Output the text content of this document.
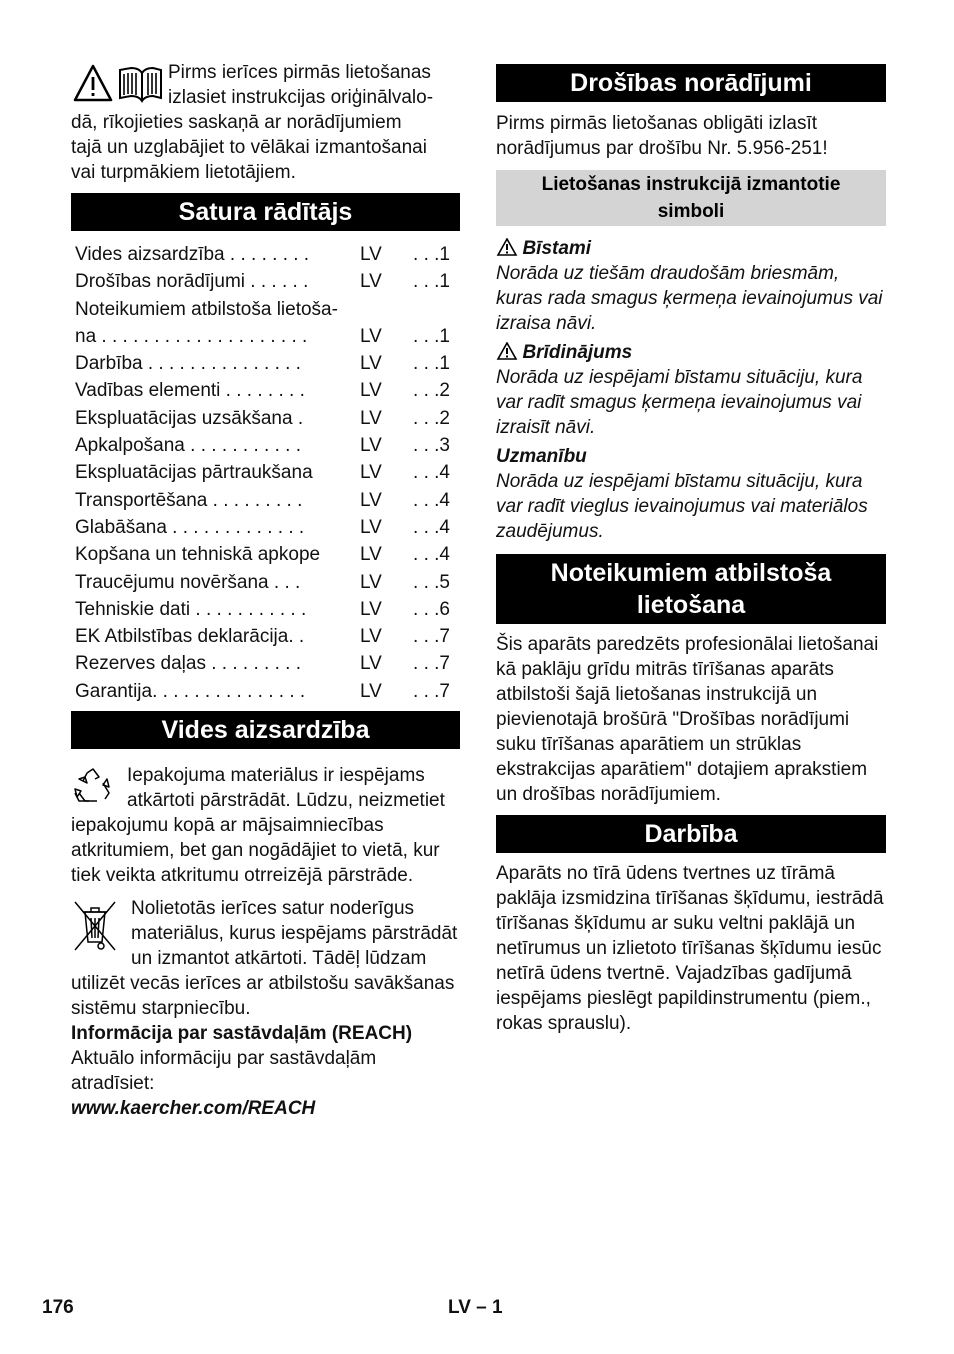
Pirms ierīces pirmās lietošanas

izlasiet instrukcijas oriģinālvalo-

dā, rīkojieties saskaņā ar norādījumiem

tajā un uzglabājiet to vēlākai izmantošanai

vai turpmākiem lietotājiem.

Satura rādītājs
Vides aizsardzība . . . . . . . .	LV	. . .1
Drošības norādījumi . . . . . .	LV	. . .1
Noteikumiem atbilstoša lietoša-		
na . . . . . . . . . . . . . . . . . . . .	LV	. . .1
Darbība . . . . . . . . . . . . . . .	LV	. . .1
Vadības elementi . . . . . . . .	LV	. . .2
Ekspluatācijas uzsākšana .	LV	. . .2
Apkalpošana . . . . . . . . . . .	LV	. . .3
Ekspluatācijas pārtraukšana	LV	. . .4
Transportēšana . . . . . . . . .	LV	. . .4
Glabāšana . . . . . . . . . . . . .	LV	. . .4
Kopšana un tehniskā apkope	LV	. . .4
Traucējumu novēršana . . .	LV	. . .5
Tehniskie dati . . . . . . . . . . .	LV	. . .6
EK Atbilstības deklarācija. .	LV	. . .7
Rezerves daļas . . . . . . . . .	LV	. . .7
Garantija. . . . . . . . . . . . . . .	LV	. . .7
Vides aizsardzība

Iepakojuma materiālus ir iespējams atkārtoti pārstrādāt. Lūdzu, neizmetiet iepakojumu kopā ar mājsaimniecības atkritumiem, bet gan nogādājiet to vietā, kur tiek veikta atkritumu otrreizējā pārstrāde.

Nolietotās ierīces satur noderīgus materiālus, kurus iespējams pārstrādāt un izmantot atkārtoti. Tādēļ lūdzam utilizēt vecās ierīces ar atbilstošu savākšanas sistēmu starpniecību.

Informācija par sastāvdaļām (REACH)

Aktuālo informāciju par sastāvdaļām atradīsiet:

www.kaercher.com/REACH

Drošības norādījumi

Pirms pirmās lietošanas obligāti izlasīt norādījumus par drošību Nr. 5.956-251!

Lietošanas instrukcijā izmantotie simboli
Bīstami

Norāda uz tiešām draudošām briesmām, kuras rada smagus ķermeņa ievainojumus vai izraisa nāvi.

Brīdinājums

Norāda uz iespējami bīstamu situāciju, kura var radīt smagus ķermeņa ievainojumus vai izraisīt nāvi.

Uzmanību

Norāda uz iespējami bīstamu situāciju, kura var radīt vieglus ievainojumus vai materiālos zaudējumus.

Noteikumiem atbilstoša lietošana

Šis aparāts paredzēts profesionālai lietošanai kā paklāju grīdu mitrās tīrīšanas aparāts atbilstoši šajā lietošanas instrukcijā un pievienotajā brošūrā "Drošības norādījumi suku tīrīšanas aparātiem un strūklas ekstrakcijas aparātiem" dotajiem aprakstiem un drošības norādījumiem.

Darbība

Aparāts no tīrā ūdens tvertnes uz tīrāmā paklāja izsmidzina tīrīšanas šķīdumu, iestrādā tīrīšanas šķīdumu ar suku veltni paklājā un netīrumus un izlietoto tīrīšanas šķīdumu iesūc netīrā ūdens tvertnē. Vajadzības gadījumā iespējams pieslēgt papildinstrumentu (piem., rokas sprauslu).

176	LV – 1
